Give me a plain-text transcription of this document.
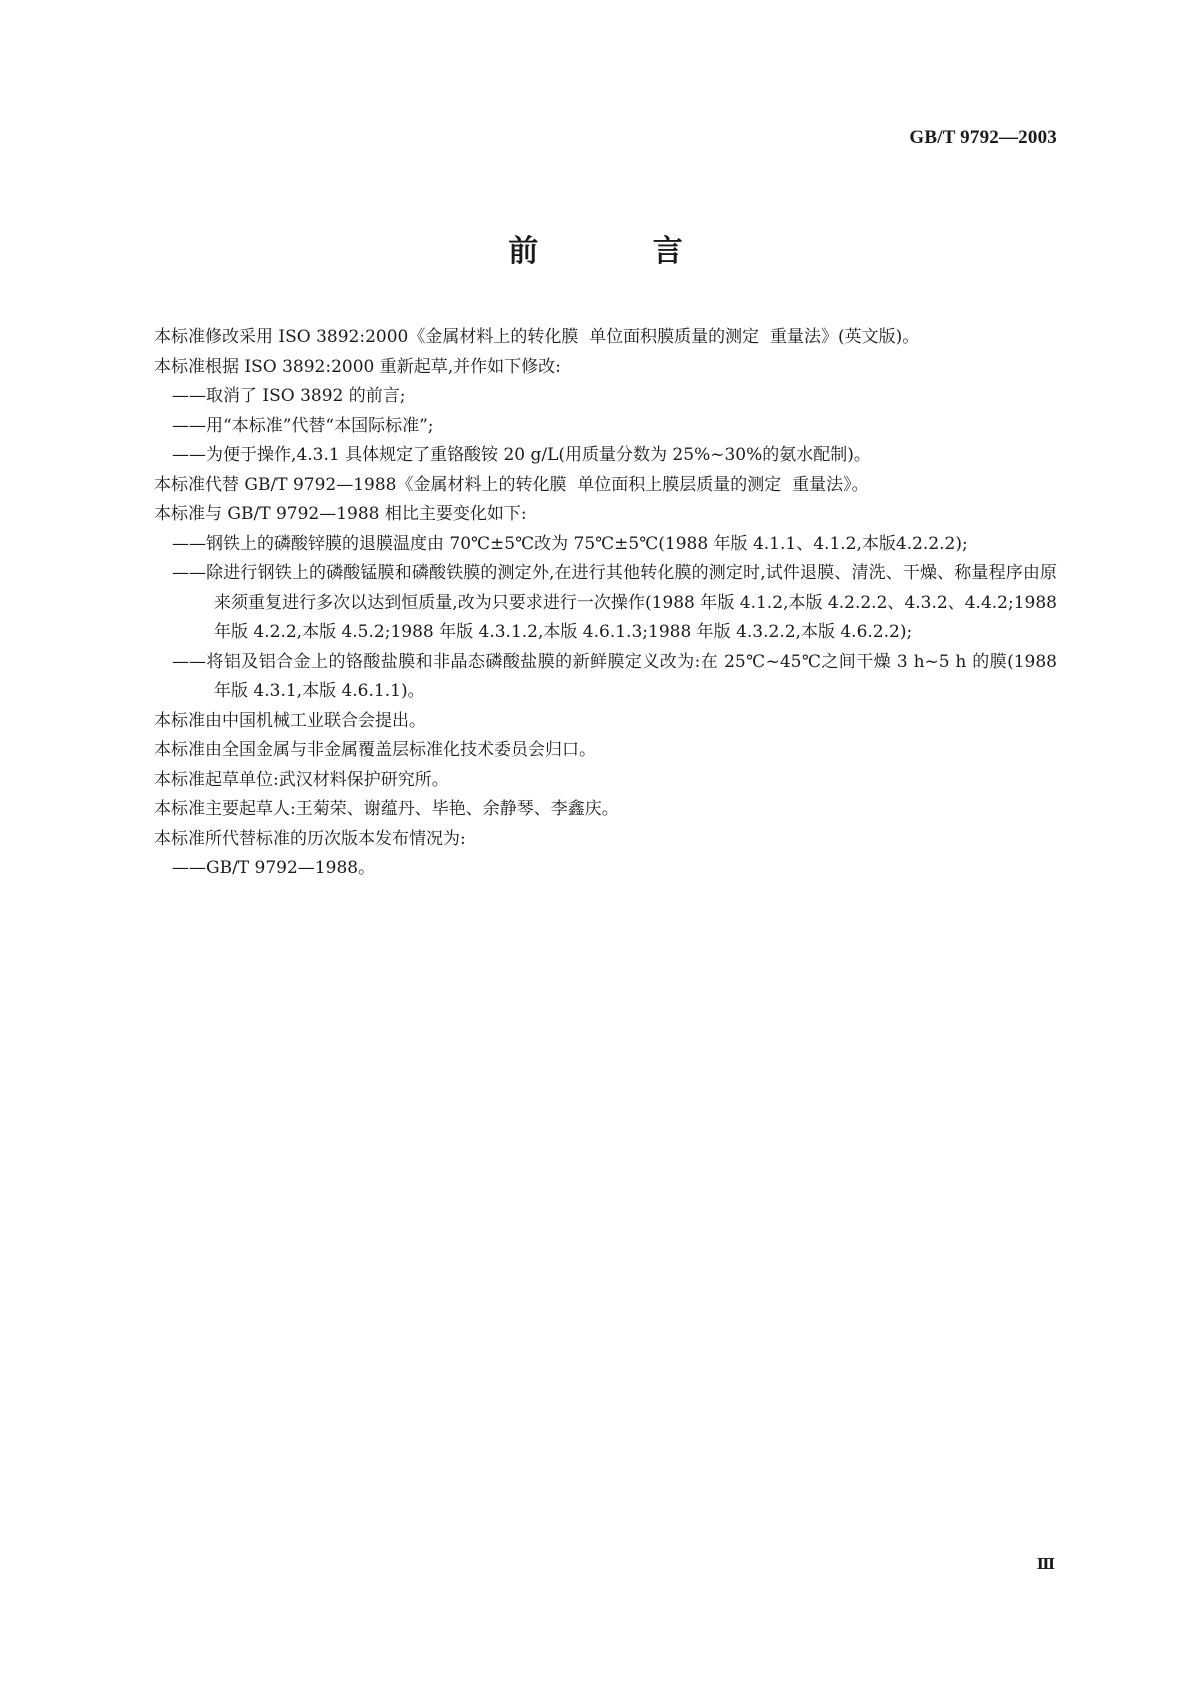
GB/T 9792—2003
前 言

本标准修改采用 ISO 3892:2000《金属材料上的转化膜  单位面积膜质量的测定  重量法》(英文版)。

本标准根据 ISO 3892:2000 重新起草,并作如下修改:

——取消了 ISO 3892 的前言;

——用“本标准”代替“本国际标准”;

——为便于操作,4.3.1 具体规定了重铬酸铵 20 g/L(用质量分数为 25%~30%的氨水配制)。

本标准代替 GB/T 9792—1988《金属材料上的转化膜  单位面积上膜层质量的测定  重量法》。

本标准与 GB/T 9792—1988 相比主要变化如下:

——钢铁上的磷酸锌膜的退膜温度由 70℃±5℃改为 75℃±5℃(1988 年版 4.1.1、4.1.2,本版4.2.2.2);

——除进行钢铁上的磷酸锰膜和磷酸铁膜的测定外,在进行其他转化膜的测定时,试件退膜、清洗、干燥、称量程序由原来须重复进行多次以达到恒质量,改为只要求进行一次操作(1988 年版 4.1.2,本版 4.2.2.2、4.3.2、4.4.2;1988 年版 4.2.2,本版 4.5.2;1988 年版 4.3.1.2,本版 4.6.1.3;1988 年版 4.3.2.2,本版 4.6.2.2);

——将铝及铝合金上的铬酸盐膜和非晶态磷酸盐膜的新鲜膜定义改为:在 25℃~45℃之间干燥 3 h~5 h 的膜(1988 年版 4.3.1,本版 4.6.1.1)。

本标准由中国机械工业联合会提出。

本标准由全国金属与非金属覆盖层标准化技术委员会归口。

本标准起草单位:武汉材料保护研究所。

本标准主要起草人:王菊荣、谢蕴丹、毕艳、余静琴、李鑫庆。

本标准所代替标准的历次版本发布情况为:

——GB/T 9792—1988。

Ⅲ
